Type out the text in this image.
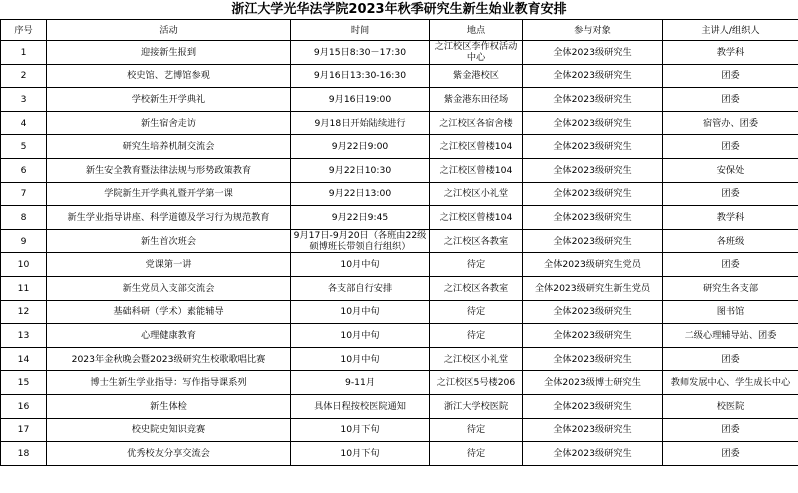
浙江大学光华法学院2023年秋季研究生新生始业教育安排
序号	活动	时间	地点	参与对象	主讲人/组织人
1	迎接新生报到	9月15日8:30－17:30	之江校区李作权活动中心	全体2023级研究生	教学科
2	校史馆、艺博馆参观	9月16日13:30-16:30	紫金港校区	全体2023级研究生	团委
3	学校新生开学典礼	9月16日19:00	紫金港东田径场	全体2023级研究生	团委
4	新生宿舍走访	9月18日开始陆续进行	之江校区各宿舍楼	全体2023级研究生	宿管办、团委
5	研究生培养机制交流会	9月22日9:00	之江校区曾楼104	全体2023级研究生	团委
6	新生安全教育暨法律法规与形势政策教育	9月22日10:30	之江校区曾楼104	全体2023级研究生	安保处
7	学院新生开学典礼暨开学第一课	9月22日13:00	之江校区小礼堂	全体2023级研究生	团委
8	新生学业指导讲座、科学道德及学习行为规范教育	9月22日9:45	之江校区曾楼104	全体2023级研究生	教学科
9	新生首次班会	9月17日-9月20日（各班由22级硕博班长带领自行组织）	之江校区各教室	全体2023级研究生	各班级
10	党课第一讲	10月中旬	待定	全体2023级研究生党员	团委
11	新生党员入支部交流会	各支部自行安排	之江校区各教室	全体2023级研究生新生党员	研究生各支部
12	基础科研（学术）素能辅导	10月中旬	待定	全体2023级研究生	图书馆
13	心理健康教育	10月中旬	待定	全体2023级研究生	二级心理辅导站、团委
14	2023年金秋晚会暨2023级研究生校歌歌唱比赛	10月中旬	之江校区小礼堂	全体2023级研究生	团委
15	博士生新生学业指导：写作指导课系列	9-11月	之江校区5号楼206	全体2023级博士研究生	教师发展中心、学生成长中心
16	新生体检	具体日程按校医院通知	浙江大学校医院	全体2023级研究生	校医院
17	校史院史知识竞赛	10月下旬	待定	全体2023级研究生	团委
18	优秀校友分享交流会	10月下旬	待定	全体2023级研究生	团委
